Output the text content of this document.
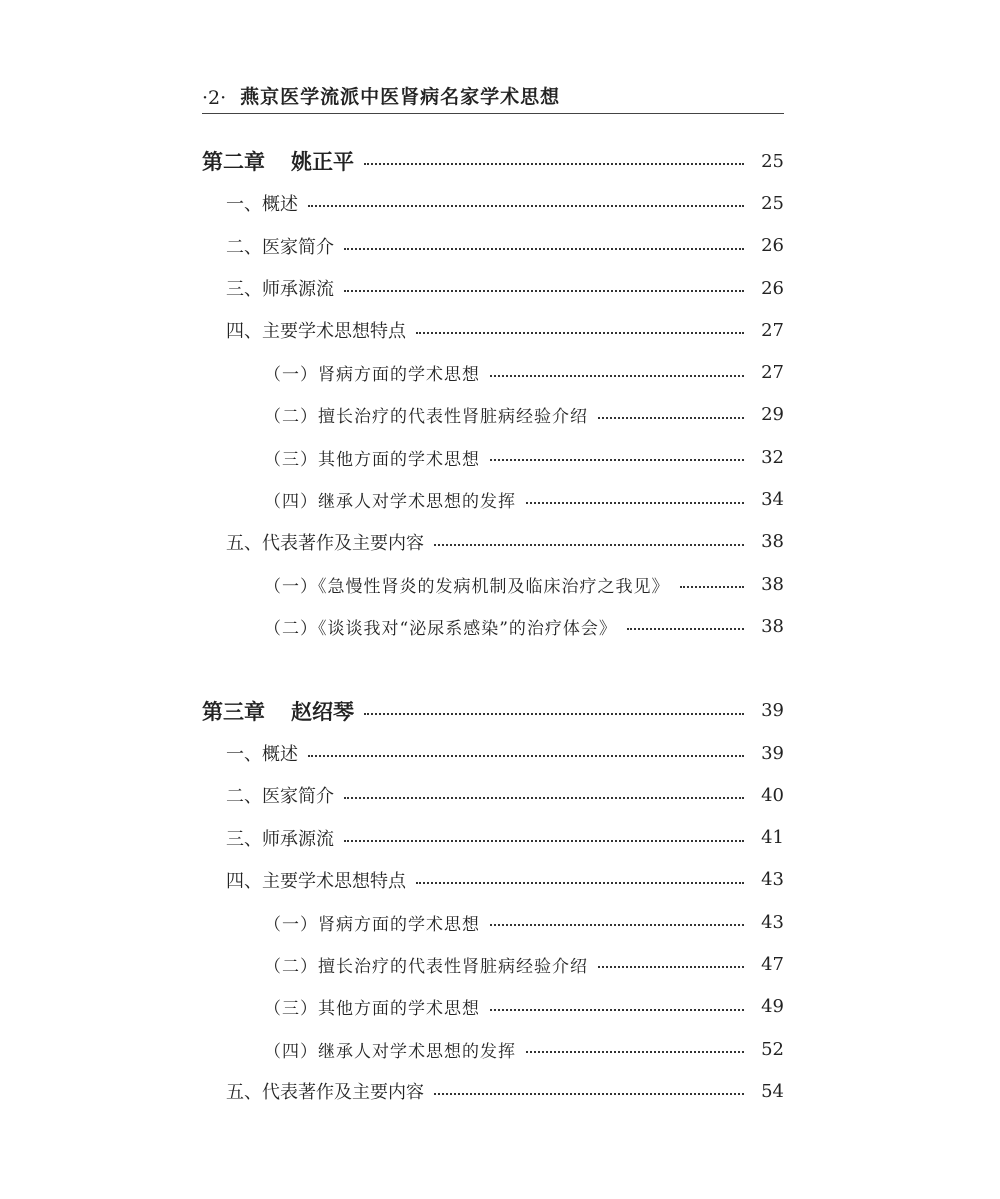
·2· 燕京医学流派中医肾病名家学术思想
第二章 姚正平	25
一、概述	25
二、医家简介	26
三、师承源流	26
四、主要学术思想特点	27
（一）肾病方面的学术思想	27
（二）擅长治疗的代表性肾脏病经验介绍	29
（三）其他方面的学术思想	32
（四）继承人对学术思想的发挥	34
五、代表著作及主要内容	38
（一）《急慢性肾炎的发病机制及临床治疗之我见》	38
（二）《谈谈我对“泌尿系感染”的治疗体会》	38
第三章 赵绍琴	39
一、概述	39
二、医家简介	40
三、师承源流	41
四、主要学术思想特点	43
（一）肾病方面的学术思想	43
（二）擅长治疗的代表性肾脏病经验介绍	47
（三）其他方面的学术思想	49
（四）继承人对学术思想的发挥	52
五、代表著作及主要内容	54
